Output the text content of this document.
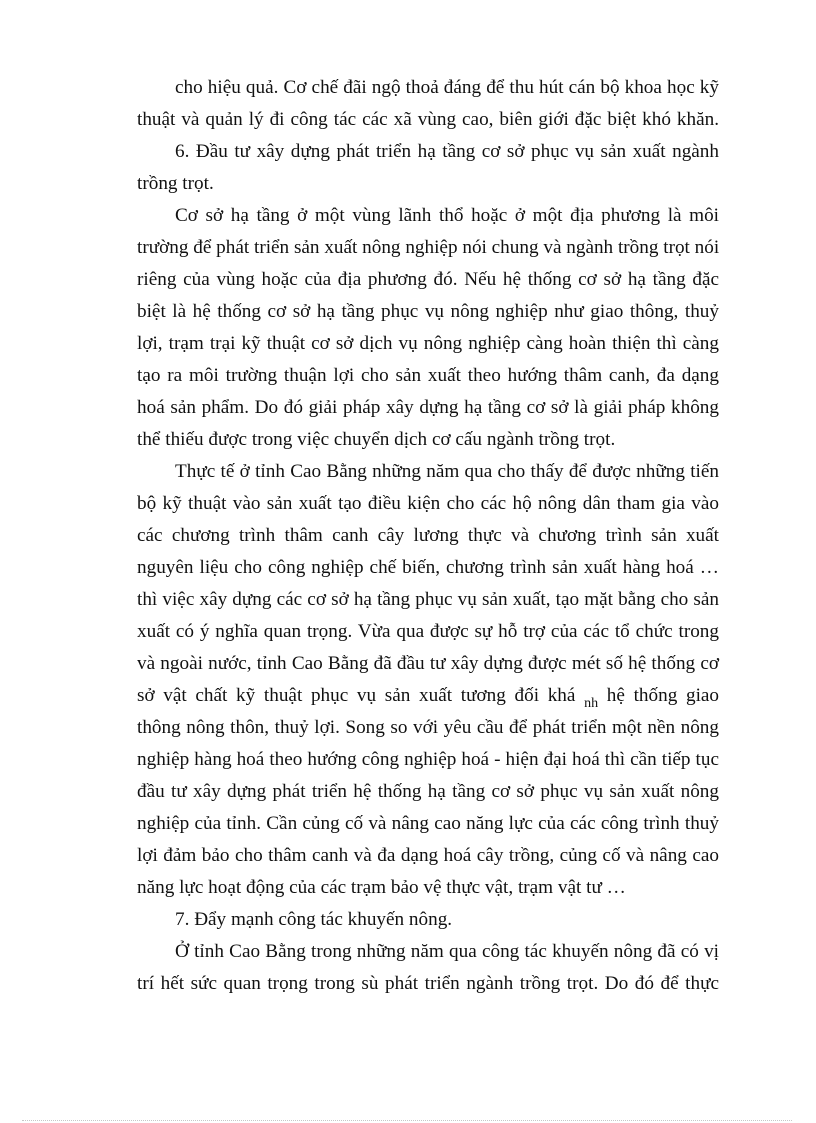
cho hiệu quả. Cơ chế đãi ngộ thoả đáng để thu hút cán bộ khoa học kỹ
thuật và quản lý đi công tác các xã vùng cao, biên giới đặc biệt khó khăn.
6. Đầu tư xây dựng phát triển hạ tầng cơ sở phục vụ sản xuất ngành
trồng trọt.
Cơ sở hạ tầng ở một vùng lãnh thổ hoặc ở một địa phương là môi
trường để phát triển sản xuất nông nghiệp nói chung và ngành trồng trọt nói
riêng của vùng hoặc của địa phương đó. Nếu hệ thống cơ sở hạ tầng đặc
biệt là hệ thống cơ sở hạ tầng phục vụ nông nghiệp như giao thông, thuỷ
lợi, trạm trại kỹ thuật cơ sở dịch vụ nông nghiệp càng hoàn thiện thì càng
tạo ra môi trường thuận lợi cho sản xuất theo hướng thâm canh, đa dạng
hoá sản phẩm. Do đó giải pháp xây dựng hạ tầng cơ sở là giải pháp không
thể thiếu được trong việc chuyển dịch cơ cấu ngành trồng trọt.
Thực tế ở tỉnh Cao Bằng những năm qua cho thấy để được những tiến
bộ kỹ thuật vào sản xuất tạo điều kiện cho các hộ nông dân tham gia vào
các chương trình thâm canh cây lương thực và chương trình sản xuất
nguyên liệu cho công nghiệp chế biến, chương trình sản xuất hàng hoá …
thì việc xây dựng các cơ sở hạ tầng phục vụ sản xuất, tạo mặt bằng cho sản
xuất có ý nghĩa quan trọng. Vừa qua được sự hỗ trợ của các tổ chức trong
và ngoài nước, tỉnh Cao Bằng đã đầu tư xây dựng được mét số hệ thống cơ
sở vật chất kỹ thuật phục vụ sản xuất tương đối khá $_{nh}$ hệ thống giao
thông nông thôn, thuỷ lợi. Song so với yêu cầu để phát triển một nền nông
nghiệp hàng hoá theo hướng công nghiệp hoá - hiện đại hoá thì cần tiếp tục
đầu tư xây dựng phát triển hệ thống hạ tầng cơ sở phục vụ sản xuất nông
nghiệp của tỉnh. Cần củng cố và nâng cao năng lực của các công trình thuỷ
lợi đảm bảo cho thâm canh và đa dạng hoá cây trồng, củng cố và nâng cao
năng lực hoạt động của các trạm bảo vệ thực vật, trạm vật tư …
7. Đẩy mạnh công tác khuyến nông.
Ở tỉnh Cao Bằng trong những năm qua công tác khuyến nông đã có vị
trí hết sức quan trọng trong sù phát triển ngành trồng trọt. Do đó để thực
